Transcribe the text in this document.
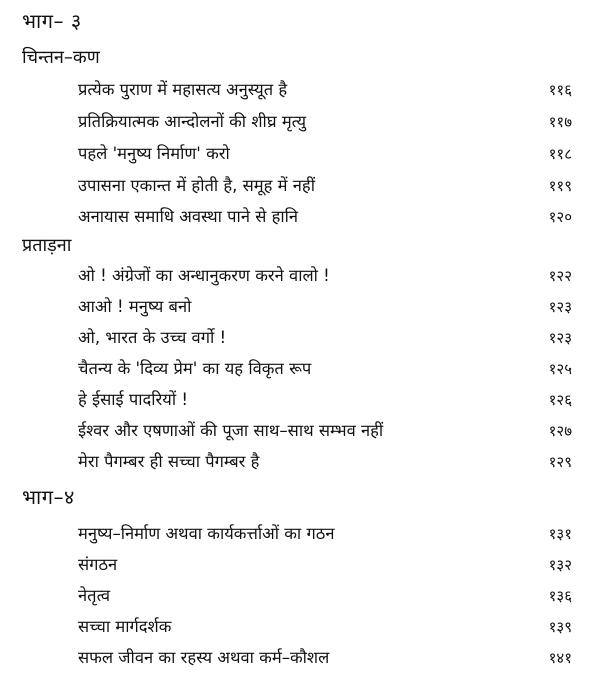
भाग– ३
चिन्तन–कण
प्रत्येक पुराण में महासत्य अनुस्यूत है	११६
प्रतिक्रियात्मक आन्दोलनों की शीघ्र मृत्यु	११७
पहले 'मनुष्य निर्माण' करो	११८
उपासना एकान्त में होती है, समूह में नहीं	११९
अनायास समाधि अवस्था पाने से हानि	१२०
प्रताड़ना
ओ ! अंग्रेजों का अन्धानुकरण करने वालो !	१२२
आओ ! मनुष्य बनो	१२३
ओ, भारत के उच्च वर्गो !	१२३
चैतन्य के 'दिव्य प्रेम' का यह विकृत रूप	१२५
हे ईसाई पादरियों !	१२६
ईश्वर और एषणाओं की पूजा साथ–साथ सम्भव नहीं	१२७
मेरा पैगम्बर ही सच्चा पैगम्बर है	१२९
भाग–४
मनुष्य–निर्माण अथवा कार्यकर्त्ताओं का गठन	१३१
संगठन	१३२
नेतृत्व	१३६
सच्चा मार्गदर्शक	१३९
सफल जीवन का रहस्य अथवा कर्म–कौशल	१४१
